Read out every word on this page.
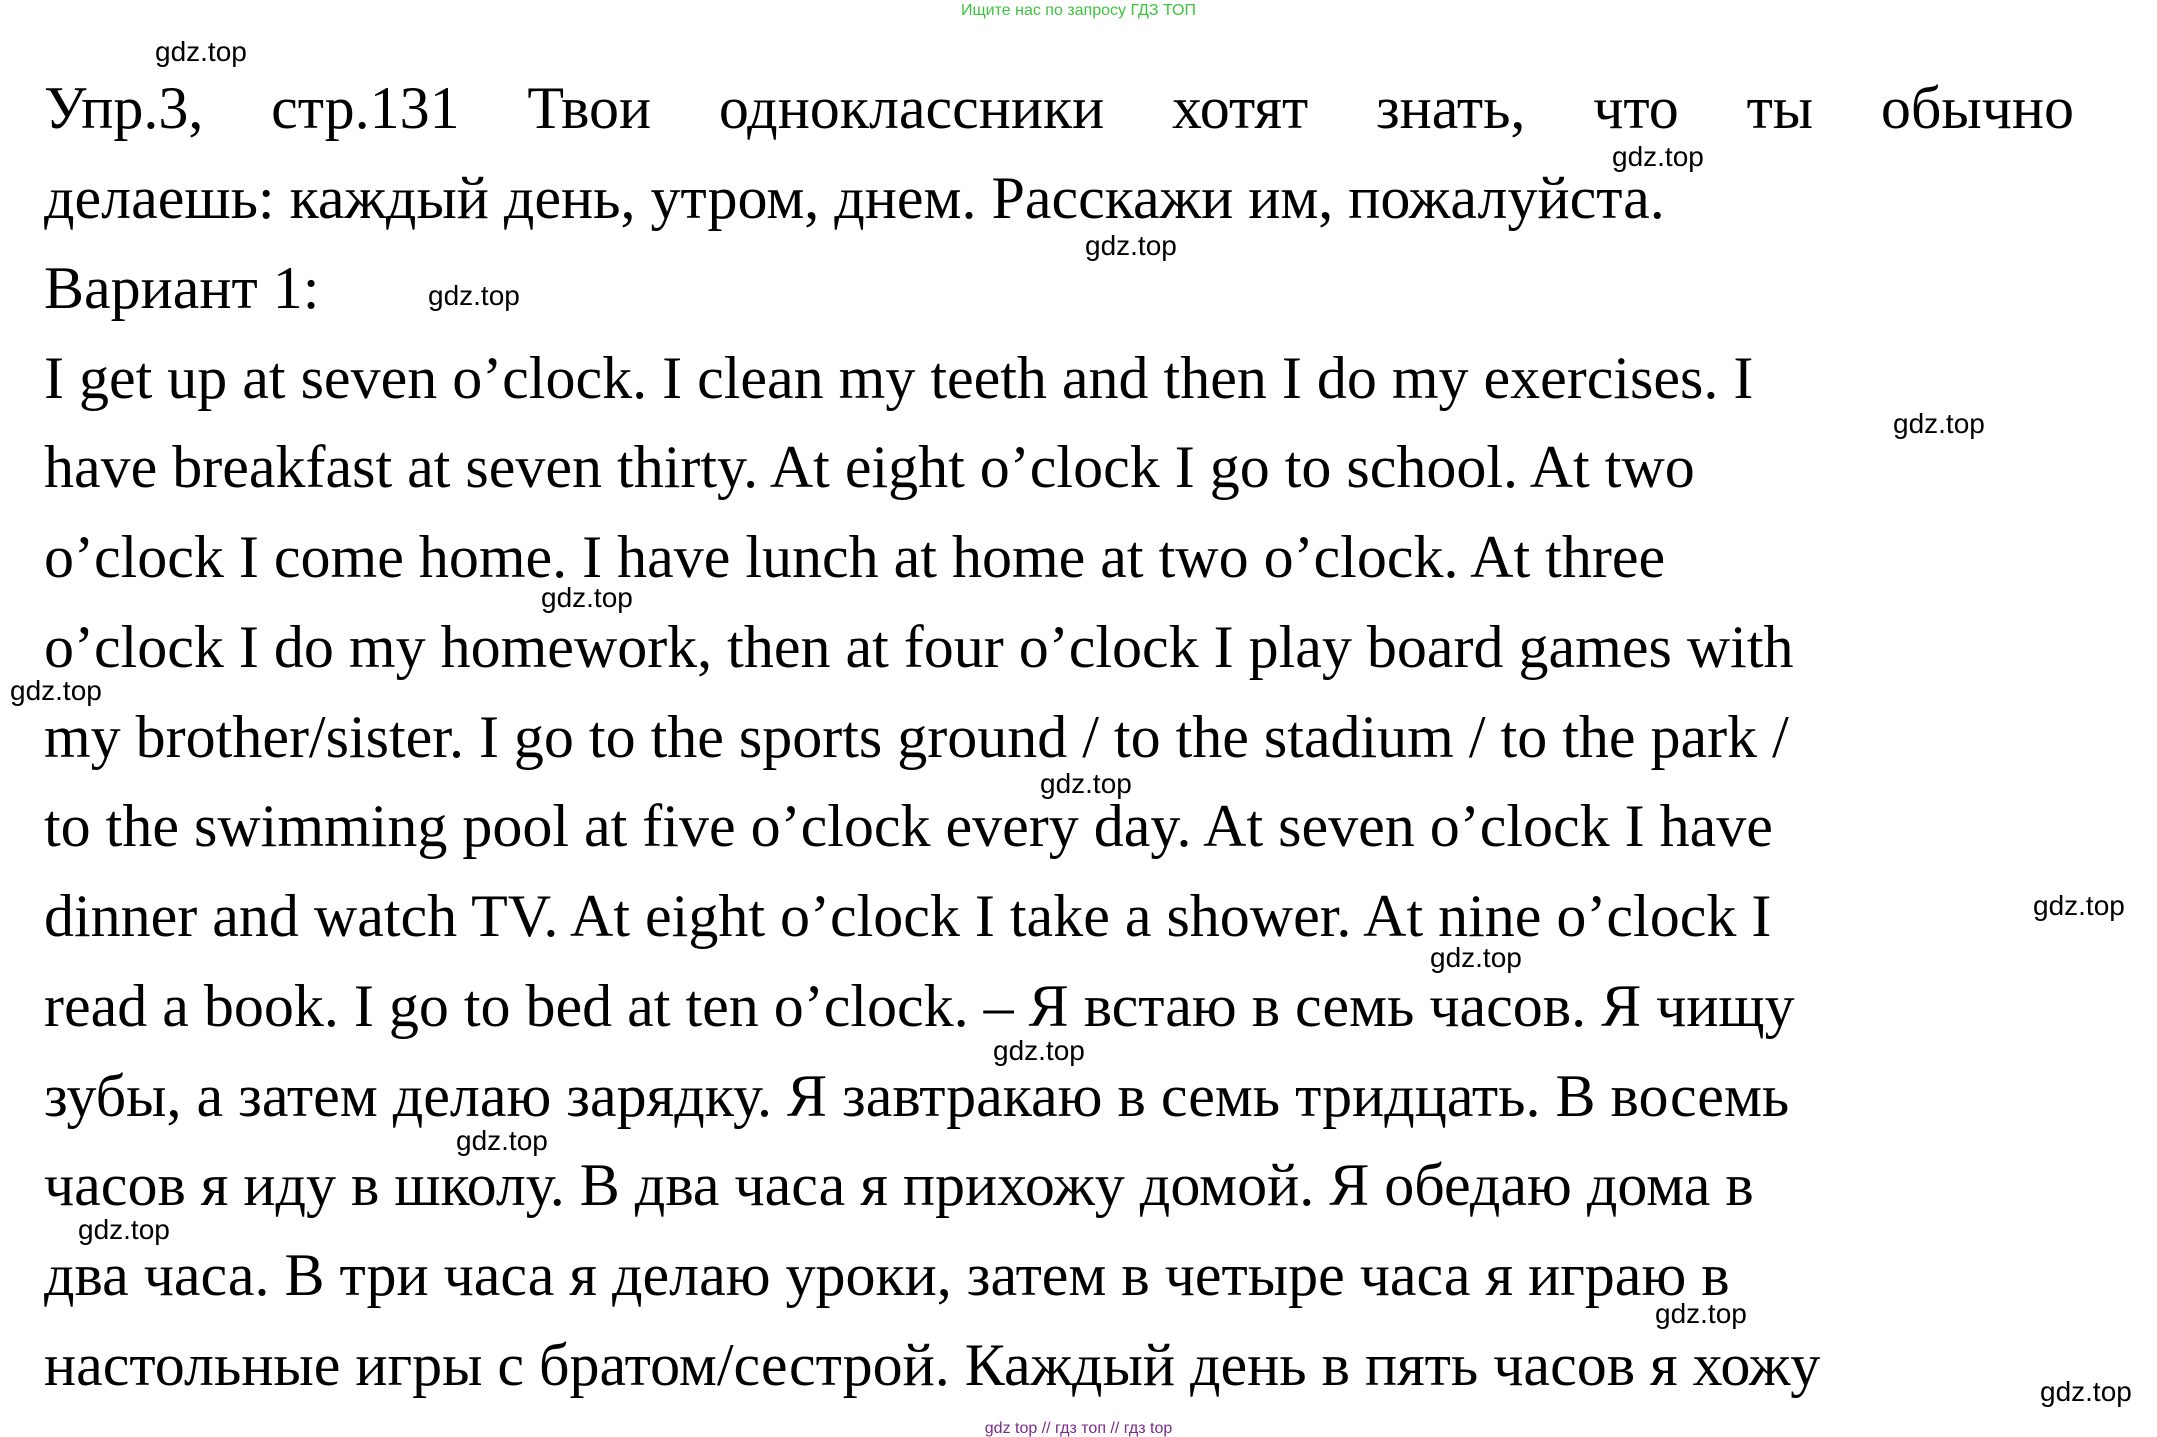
Ищите нас по запросу ГДЗ ТОП
Упр.3, стр.131 Твои одноклассники хотят знать, что ты обычно
делаешь: каждый день, утром, днем. Расскажи им, пожалуйста.
Вариант 1:
I get up at seven o’clock. I clean my teeth and then I do my exercises. I
have breakfast at seven thirty. At eight o’clock I go to school. At two
o’clock I come home. I have lunch at home at two o’clock. At three
o’clock I do my homework, then at four o’clock I play board games with
my brother/sister. I go to the sports ground / to the stadium / to the park /
to the swimming pool at five o’clock every day. At seven o’clock I have
dinner and watch TV. At eight o’clock I take a shower. At nine o’clock I
read a book. I go to bed at ten o’clock. – Я встаю в семь часов. Я чищу
зубы, а затем делаю зарядку. Я завтракаю в семь тридцать. В восемь
часов я иду в школу. В два часа я прихожу домой. Я обедаю дома в
два часа. В три часа я делаю уроки, затем в четыре часа я играю в
настольные игры с братом/сестрой. Каждый день в пять часов я хожу
gdz.top
gdz.top
gdz.top
gdz.top
gdz.top
gdz.top
gdz.top
gdz.top
gdz.top
gdz.top
gdz.top
gdz.top
gdz.top
gdz.top
gdz.top
gdz top // гдз топ // гдз top
